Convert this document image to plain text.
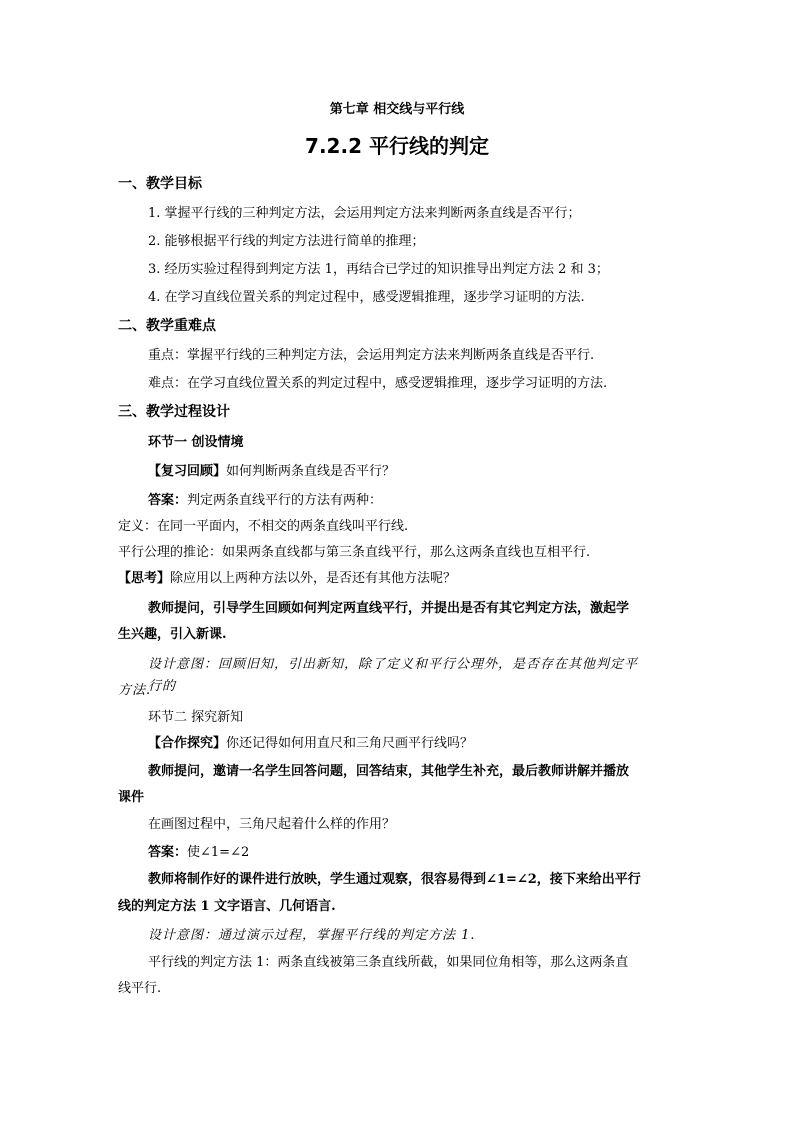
第七章 相交线与平行线
7.2.2 平行线的判定
一、教学目标
1. 掌握平行线的三种判定方法，会运用判定方法来判断两条直线是否平行；
2. 能够根据平行线的判定方法进行简单的推理；
3. 经历实验过程得到判定方法 1，再结合已学过的知识推导出判定方法 2 和 3；
4. 在学习直线位置关系的判定过程中，感受逻辑推理，逐步学习证明的方法.
二、教学重难点
重点：掌握平行线的三种判定方法，会运用判定方法来判断两条直线是否平行.
难点：在学习直线位置关系的判定过程中，感受逻辑推理，逐步学习证明的方法.
三、教学过程设计
环节一 创设情境
【复习回顾】如何判断两条直线是否平行？
答案：判定两条直线平行的方法有两种：
定义：在同一平面内，不相交的两条直线叫平行线.
平行公理的推论：如果两条直线都与第三条直线平行，那么这两条直线也互相平行.
【思考】除应用以上两种方法以外，是否还有其他方法呢？
教师提问，引导学生回顾如何判定两直线平行，并提出是否有其它判定方法，激起学
生兴趣，引入新课.
设计意图：回顾旧知，引出新知，除了定义和平行公理外，是否存在其他判定平行的
方法.
环节二 探究新知
【合作探究】你还记得如何用直尺和三角尺画平行线吗？
教师提问，邀请一名学生回答问题，回答结束，其他学生补充，最后教师讲解并播放
课件
在画图过程中，三角尺起着什么样的作用？
答案：使∠1=∠2
教师将制作好的课件进行放映，学生通过观察，很容易得到∠1=∠2，接下来给出平行
线的判定方法 1 文字语言、几何语言.
设计意图：通过演示过程，掌握平行线的判定方法 1.
平行线的判定方法 1：两条直线被第三条直线所截，如果同位角相等，那么这两条直
线平行.
